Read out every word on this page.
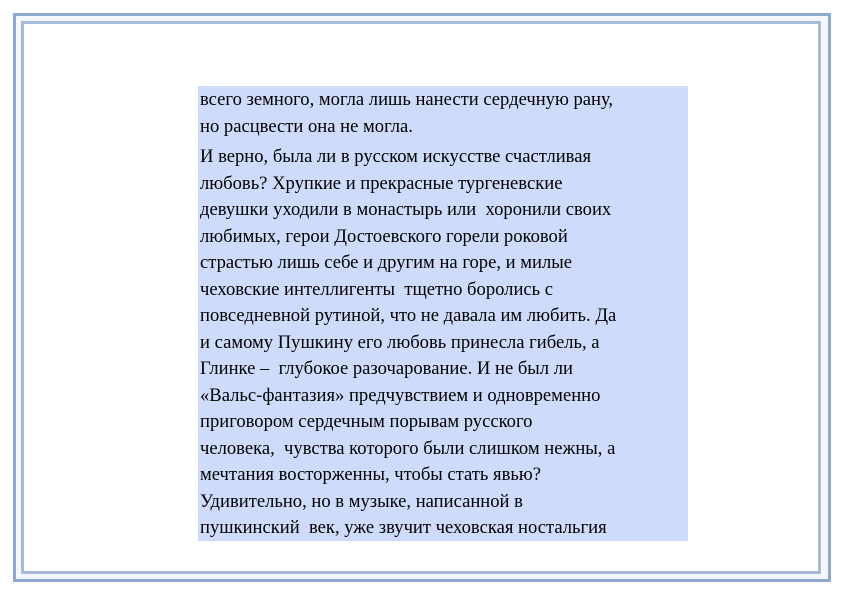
всего земного, могла лишь нанести сердечную рану,
но расцвести она не могла.

И верно, была ли в русском искусстве счастливая
любовь? Хрупкие и прекрасные тургеневские
девушки уходили в монастырь или  хоронили своих
любимых, герои Достоевского горели роковой
страстью лишь себе и другим на горе, и милые
чеховские интеллигенты  тщетно боролись с
повседневной рутиной, что не давала им любить. Да
и самому Пушкину его любовь принесла гибель, а
Глинке –  глубокое разочарование. И не был ли
«Вальс-фантазия» предчувствием и одновременно
приговором сердечным порывам русского
человека,  чувства которого были слишком нежны, а
мечтания восторженны, чтобы стать явью?
Удивительно, но в музыке, написанной в
пушкинский  век, уже звучит чеховская ностальгия
